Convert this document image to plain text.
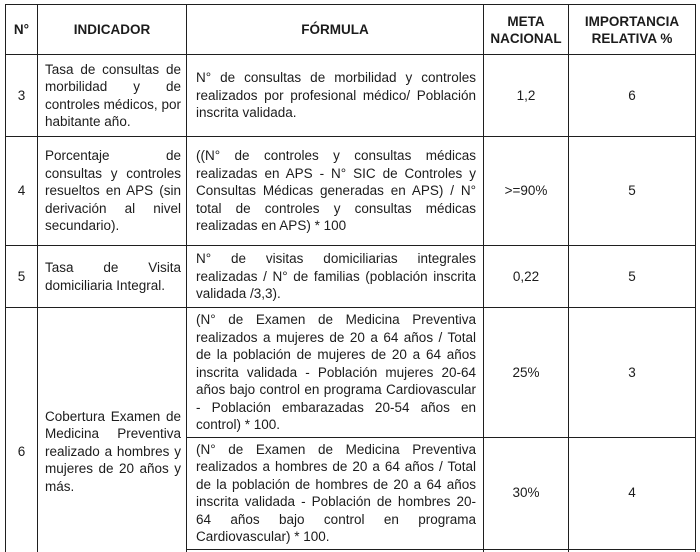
N°	INDICADOR	FÓRMULA	META NACIONAL	IMPORTANCIA RELATIVA %
3	Tasa de consultas de morbilidad y de controles médicos, por habitante año.	N° de consultas de morbilidad y controles realizados por profesional médico/ Población inscrita validada.	1,2	6
4	Porcentaje de consultas y controles resueltos en APS (sin derivación al nivel secundario).	((N° de controles y consultas médicas realizadas en APS - N° SIC de Controles y Consultas Médicas generadas en APS) / N° total de controles y consultas médicas realizadas en APS) * 100	>=90%	5
5	Tasa de Visita domiciliaria Integral.	N° de visitas domiciliarias integrales realizadas / N° de familias (población inscrita validada /3,3).	0,22	5
6	Cobertura Examen de Medicina Preventiva realizado a hombres y mujeres de 20 años y más.	(N° de Examen de Medicina Preventiva realizados a mujeres de 20 a 64 años / Total de la población de mujeres de 20 a 64 años inscrita validada - Población mujeres 20-64 años bajo control en programa Cardiovascular - Población embarazadas 20-54 años en control) * 100.	25%	3
		(N° de Examen de Medicina Preventiva realizados a hombres de 20 a 64 años / Total de la población de hombres de 20 a 64 años inscrita validada - Población de hombres 20-64 años bajo control en programa Cardiovascular) * 100.	30%	4
